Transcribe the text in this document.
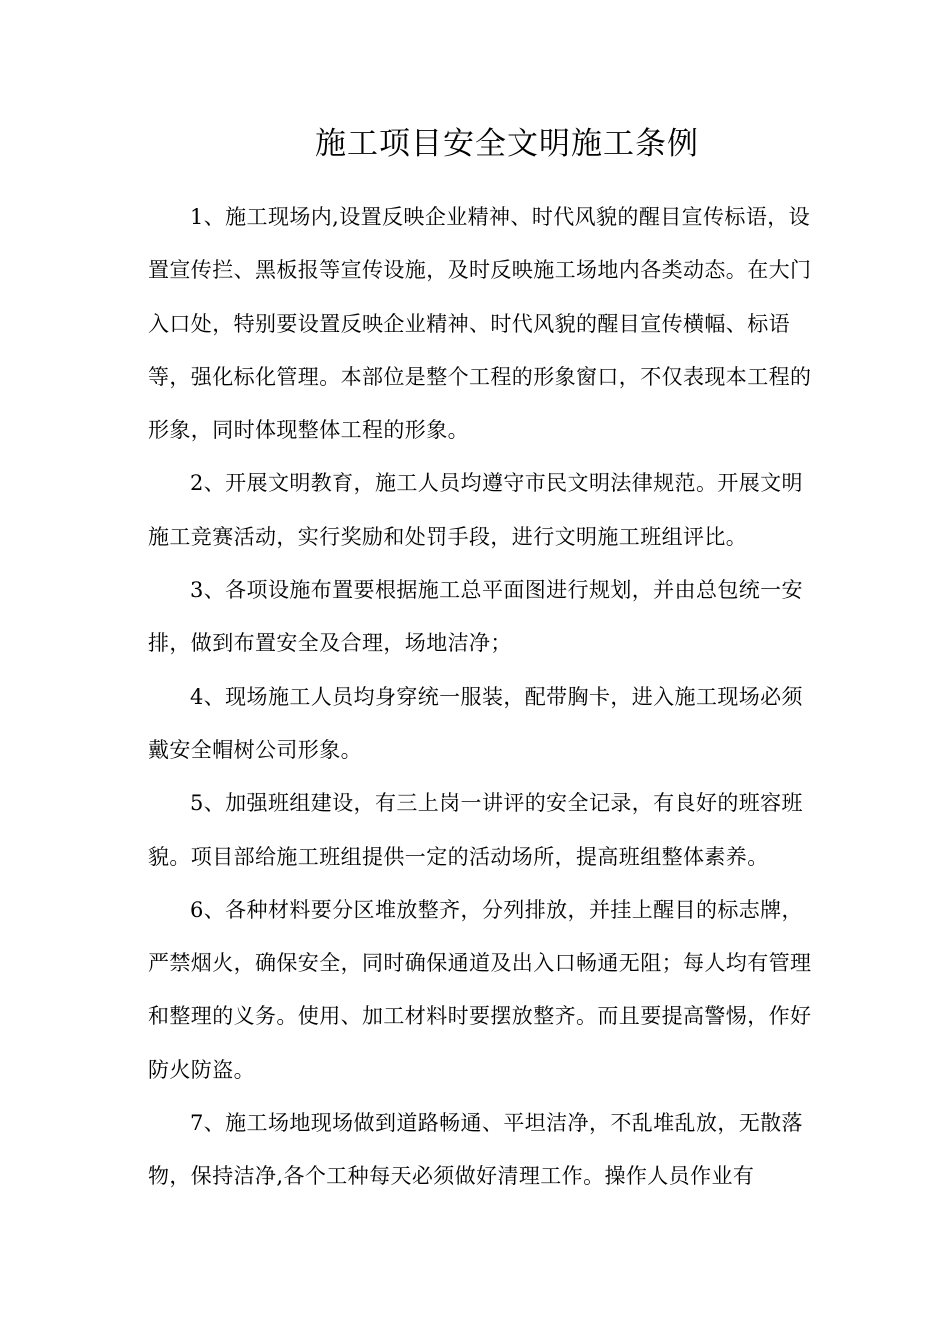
施工项目安全文明施工条例

1、施工现场内,设置反映企业精神、时代风貌的醒目宣传标语，设置宣传拦、黑板报等宣传设施，及时反映施工场地内各类动态。在大门入口处，特别要设置反映企业精神、时代风貌的醒目宣传横幅、标语等，强化标化管理。本部位是整个工程的形象窗口，不仅表现本工程的形象，同时体现整体工程的形象。

2、开展文明教育，施工人员均遵守市民文明法律规范。开展文明施工竞赛活动，实行奖励和处罚手段，进行文明施工班组评比。

3、各项设施布置要根据施工总平面图进行规划，并由总包统一安排，做到布置安全及合理，场地洁净；

4、现场施工人员均身穿统一服装，配带胸卡，进入施工现场必须戴安全帽树公司形象。

5、加强班组建设，有三上岗一讲评的安全记录，有良好的班容班貌。项目部给施工班组提供一定的活动场所，提高班组整体素养。

6、各种材料要分区堆放整齐，分列排放，并挂上醒目的标志牌，严禁烟火，确保安全，同时确保通道及出入口畅通无阻；每人均有管理和整理的义务。使用、加工材料时要摆放整齐。而且要提高警惕，作好防火防盗。

7、施工场地现场做到道路畅通、平坦洁净，不乱堆乱放，无散落物，保持洁净,各个工种每天必须做好清理工作。操作人员作业有
